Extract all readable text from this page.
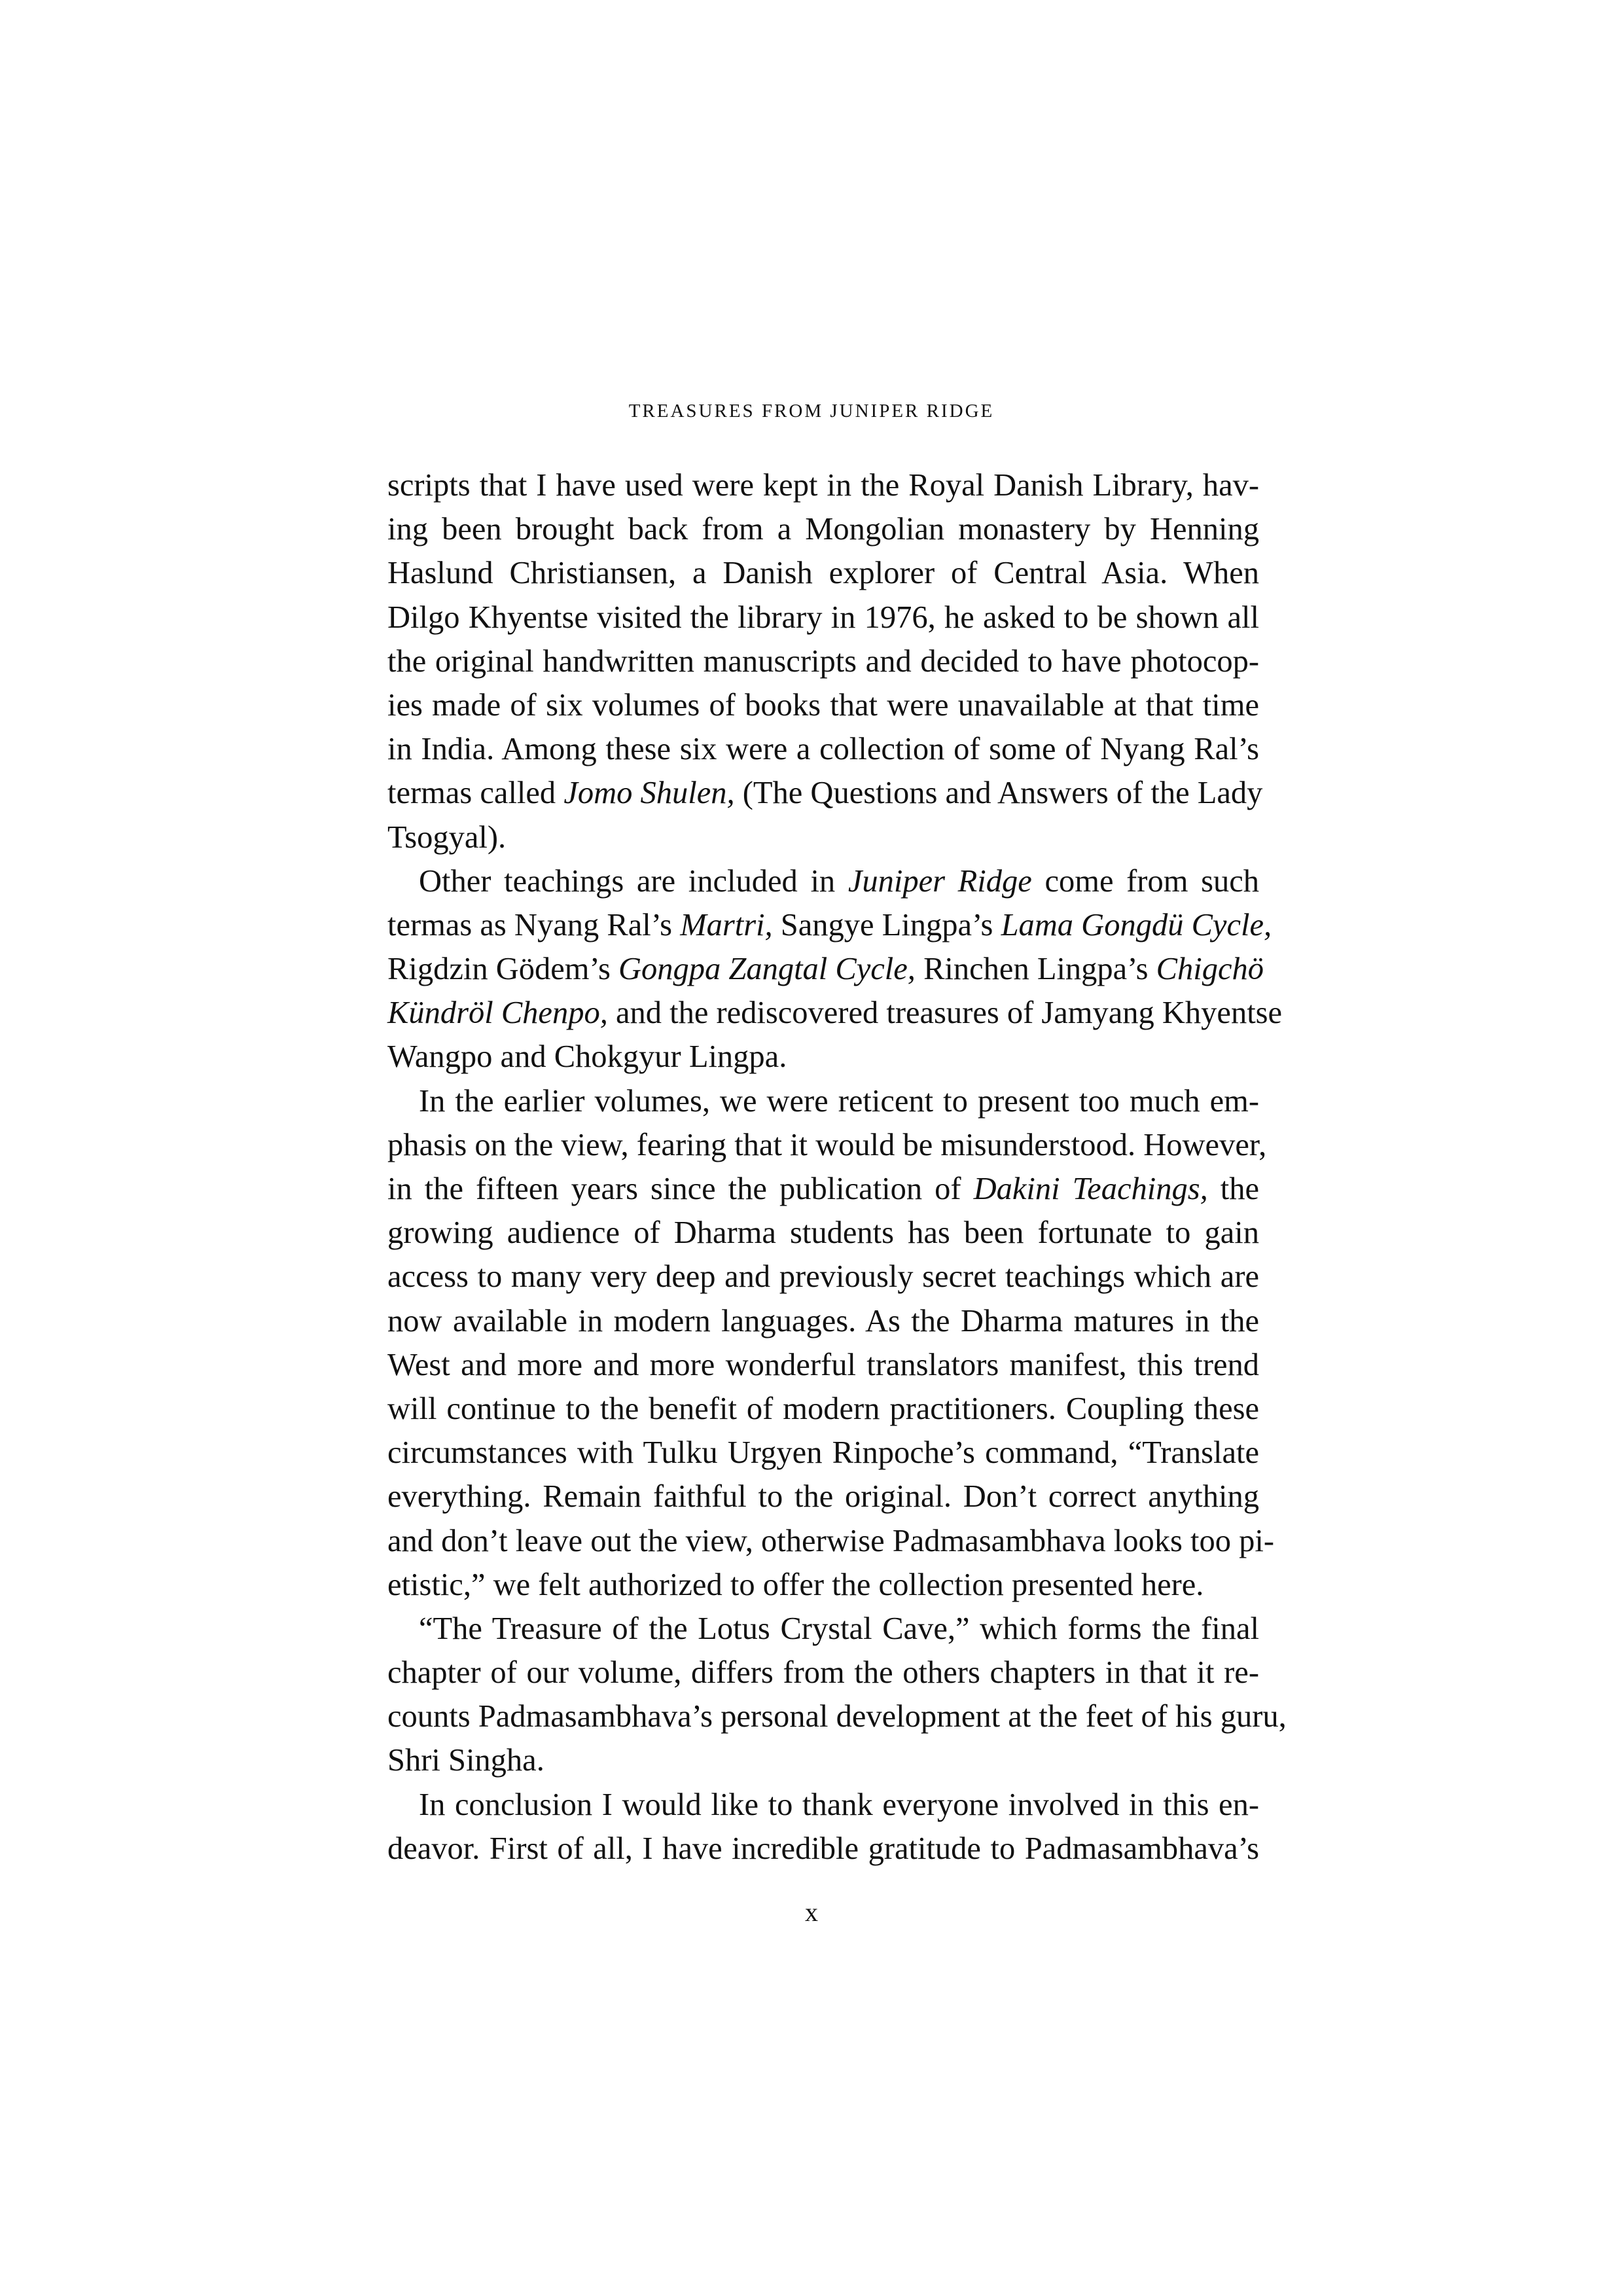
TREASURES FROM JUNIPER RIDGE
scripts that I have used were kept in the Royal Danish Library, hav-
ing been brought back from a Mongolian monastery by Henning
Haslund Christiansen, a Danish explorer of Central Asia. When
Dilgo Khyentse visited the library in 1976, he asked to be shown all
the original handwritten manuscripts and decided to have photocop-
ies made of six volumes of books that were unavailable at that time
in India. Among these six were a collection of some of Nyang Ral’s
termas called Jomo Shulen, (The Questions and Answers of the Lady
Tsogyal).
Other teachings are included in Juniper Ridge come from such
termas as Nyang Ral’s Martri, Sangye Lingpa’s Lama Gongdü Cycle,
Rigdzin Gödem’s Gongpa Zangtal Cycle, Rinchen Lingpa’s Chigchö
Kündröl Chenpo, and the rediscovered treasures of Jamyang Khyentse
Wangpo and Chokgyur Lingpa.
In the earlier volumes, we were reticent to present too much em-
phasis on the view, fearing that it would be misunderstood. However,
in the fifteen years since the publication of Dakini Teachings, the
growing audience of Dharma students has been fortunate to gain
access to many very deep and previously secret teachings which are
now available in modern languages. As the Dharma matures in the
West and more and more wonderful translators manifest, this trend
will continue to the benefit of modern practitioners. Coupling these
circumstances with Tulku Urgyen Rinpoche’s command, “Translate
everything. Remain faithful to the original. Don’t correct anything
and don’t leave out the view, otherwise Padmasambhava looks too pi-
etistic,” we felt authorized to offer the collection presented here.
“The Treasure of the Lotus Crystal Cave,” which forms the final
chapter of our volume, differs from the others chapters in that it re-
counts Padmasambhava’s personal development at the feet of his guru,
Shri Singha.
In conclusion I would like to thank everyone involved in this en-
deavor. First of all, I have incredible gratitude to Padmasambhava’s
x
